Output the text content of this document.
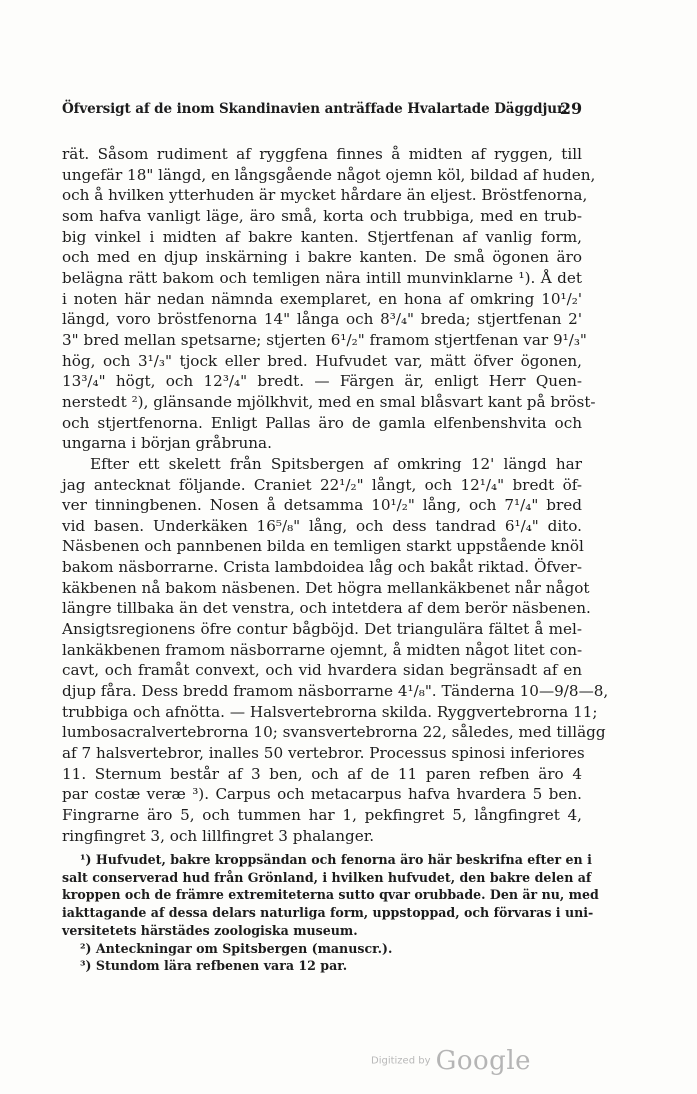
Öfversigt af de inom Skandinavien anträffade Hvalartade Däggdjur.
29
rät. Såsom rudiment af ryggfena finnes å midten af ryggen, till
ungefär 18" längd, en långsgående något ojemn köl, bildad af huden,
och å hvilken ytterhuden är mycket hårdare än eljest. Bröstfenorna,
som hafva vanligt läge, äro små, korta och trubbiga, med en trub-
big vinkel i midten af bakre kanten. Stjertfenan af vanlig form,
och med en djup inskärning i bakre kanten. De små ögonen äro
belägna rätt bakom och temligen nära intill munvinklarne ¹). Å det
i noten här nedan nämnda exemplaret, en hona af omkring 10¹/₂'
längd, voro bröstfenorna 14" långa och 8³/₄" breda; stjertfenan 2'
3" bred mellan spetsarne; stjerten 6¹/₂" framom stjertfenan var 9¹/₃"
hög, och 3¹/₃" tjock eller bred. Hufvudet var, mätt öfver ögonen,
13³/₄" högt, och 12³/₄" bredt. — Färgen är, enligt Herr Quen-
nerstedt ²), glänsande mjölkhvit, med en smal blåsvart kant på bröst-
och stjertfenorna. Enligt Pallas äro de gamla elfenbenshvita och
ungarna i början gråbruna.
Efter ett skelett från Spitsbergen af omkring 12' längd har
jag antecknat följande. Craniet 22¹/₂" långt, och 12¹/₄" bredt öf-
ver tinningbenen. Nosen å detsamma 10¹/₂" lång, och 7¹/₄" bred
vid basen. Underkäken 16⁵/₈" lång, och dess tandrad 6¹/₄" dito.
Näsbenen och pannbenen bilda en temligen starkt uppstående knöl
bakom näsborrarne. Crista lambdoidea låg och bakåt riktad. Öfver-
käkbenen nå bakom näsbenen. Det högra mellankäkbenet når något
längre tillbaka än det venstra, och intetdera af dem berör näsbenen.
Ansigtsregionens öfre contur bågböjd. Det triangulära fältet å mel-
lankäkbenen framom näsborrarne ojemnt, å midten något litet con-
cavt, och framåt convext, och vid hvardera sidan begränsadt af en
djup fåra. Dess bredd framom näsborrarne 4¹/₈". Tänderna 10—9/8—8,
trubbiga och afnötta. — Halsvertebrorna skilda. Ryggvertebrorna 11;
lumbosacralvertebrorna 10; svansvertebrorna 22, således, med tillägg
af 7 halsvertebror, inalles 50 vertebror. Processus spinosi inferiores
11. Sternum består af 3 ben, och af de 11 paren refben äro 4
par costæ veræ ³). Carpus och metacarpus hafva hvardera 5 ben.
Fingrarne äro 5, och tummen har 1, pekfingret 5, långfingret 4,
ringfingret 3, och lillfingret 3 phalanger.
¹) Hufvudet, bakre kroppsändan och fenorna äro här beskrifna efter en i
salt conserverad hud från Grönland, i hvilken hufvudet, den bakre delen af
kroppen och de främre extremiteterna sutto qvar orubbade. Den är nu, med
iakttagande af dessa delars naturliga form, uppstoppad, och förvaras i uni-
versitetets härstädes zoologiska museum.
²) Anteckningar om Spitsbergen (manuscr.).
³) Stundom lära refbenen vara 12 par.
Digitized by Google
